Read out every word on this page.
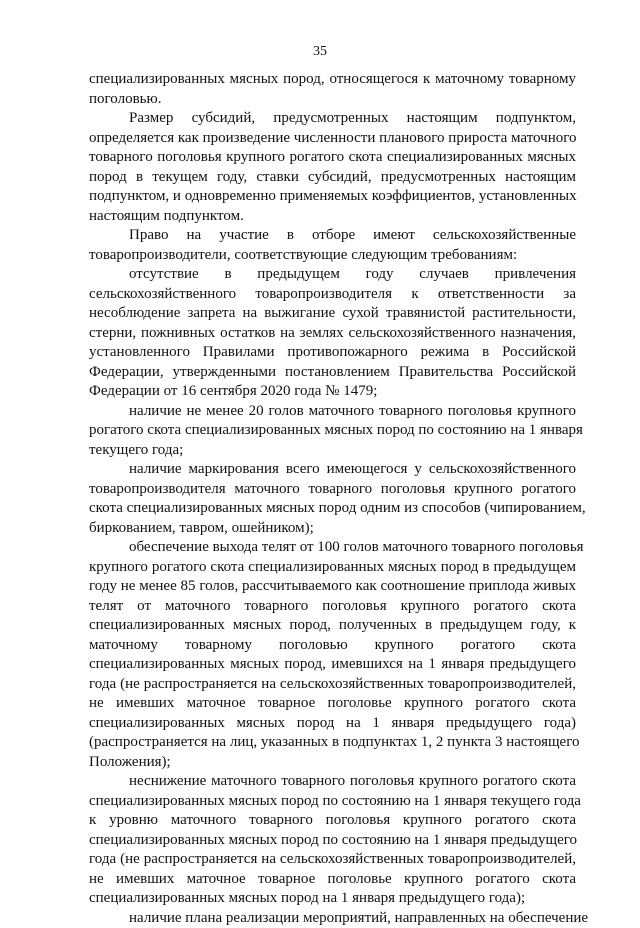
35

специализированных мясных пород, относящегося к маточному товарному
поголовью.

Размер субсидий, предусмотренных настоящим подпунктом,
определяется как произведение численности планового прироста маточного
товарного поголовья крупного рогатого скота специализированных мясных
пород в текущем году, ставки субсидий, предусмотренных настоящим
подпунктом, и одновременно применяемых коэффициентов, установленных
настоящим подпунктом.

Право на участие в отборе имеют сельскохозяйственные
товаропроизводители, соответствующие следующим требованиям:

отсутствие в предыдущем году случаев привлечения
сельскохозяйственного товаропроизводителя к ответственности за
несоблюдение запрета на выжигание сухой травянистой растительности,
стерни, пожнивных остатков на землях сельскохозяйственного назначения,
установленного Правилами противопожарного режима в Российской
Федерации, утвержденными постановлением Правительства Российской
Федерации от 16 сентября 2020 года № 1479;

наличие не менее 20 голов маточного товарного поголовья крупного
рогатого скота специализированных мясных пород по состоянию на 1 января
текущего года;

наличие маркирования всего имеющегося у сельскохозяйственного
товаропроизводителя маточного товарного поголовья крупного рогатого
скота специализированных мясных пород одним из способов (чипированием,
биркованием, тавром, ошейником);

обеспечение выхода телят от 100 голов маточного товарного поголовья
крупного рогатого скота специализированных мясных пород в предыдущем
году не менее 85 голов, рассчитываемого как соотношение приплода живых
телят от маточного товарного поголовья крупного рогатого скота
специализированных мясных пород, полученных в предыдущем году, к
маточному товарному поголовью крупного рогатого скота
специализированных мясных пород, имевшихся на 1 января предыдущего
года (не распространяется на сельскохозяйственных товаропроизводителей,
не имевших маточное товарное поголовье крупного рогатого скота
специализированных мясных пород на 1 января предыдущего года)
(распространяется на лиц, указанных в подпунктах 1, 2 пункта 3 настоящего
Положения);

неснижение маточного товарного поголовья крупного рогатого скота
специализированных мясных пород по состоянию на 1 января текущего года
к уровню маточного товарного поголовья крупного рогатого скота
специализированных мясных пород по состоянию на 1 января предыдущего
года (не распространяется на сельскохозяйственных товаропроизводителей,
не имевших маточное товарное поголовье крупного рогатого скота
специализированных мясных пород на 1 января предыдущего года);

наличие плана реализации мероприятий, направленных на обеспечение
